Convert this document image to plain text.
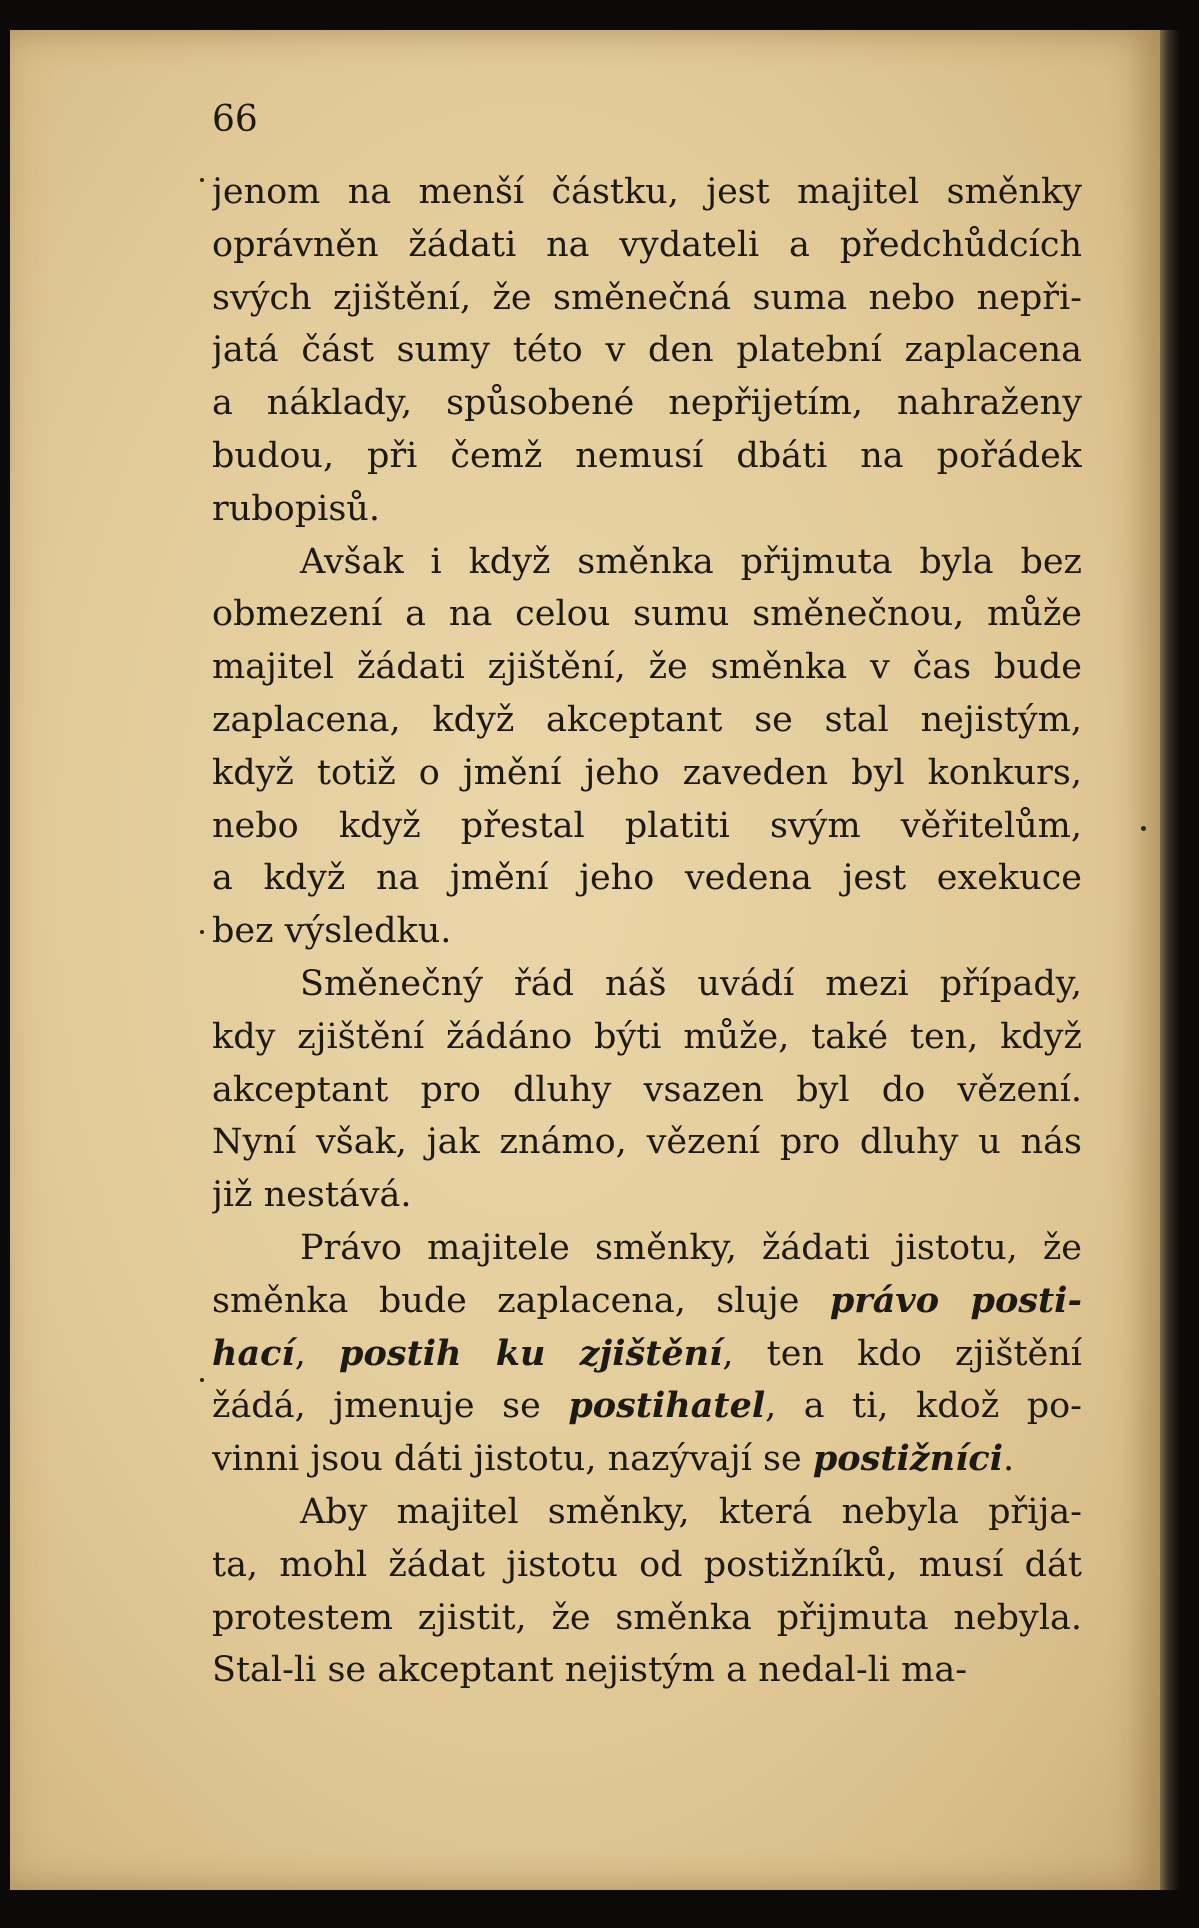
66

jenom na menší částku, jest majitel směnky
oprávněn žádati na vydateli a předchůdcích
svých zjištění, že směnečná suma nebo nepři-
jatá část sumy této v den platební zaplacena
a náklady, spůsobené nepřijetím, nahraženy
budou, při čemž nemusí dbáti na pořádek
rubopisů.

Avšak i když směnka přijmuta byla bez
obmezení a na celou sumu směnečnou, může
majitel žádati zjištění, že směnka v čas bude
zaplacena, když akceptant se stal nejistým,
když totiž o jmění jeho zaveden byl konkurs,
nebo když přestal platiti svým věřitelům,
a když na jmění jeho vedena jest exekuce
bez výsledku.

Směnečný řád náš uvádí mezi případy,
kdy zjištění žádáno býti může, také ten, když
akceptant pro dluhy vsazen byl do vězení.
Nyní však, jak známo, vězení pro dluhy u nás
již nestává.

Právo majitele směnky, žádati jistotu, že
směnka bude zaplacena, sluje právo posti-
hací, postih ku zjištění, ten kdo zjištění
žádá, jmenuje se postihatel, a ti, kdož po-
vinni jsou dáti jistotu, nazývají se postižníci.

Aby majitel směnky, která nebyla přija-
ta, mohl žádat jistotu od postižníků, musí dát
protestem zjistit, že směnka přijmuta nebyla.
Stal-li se akceptant nejistým a nedal-li ma-
